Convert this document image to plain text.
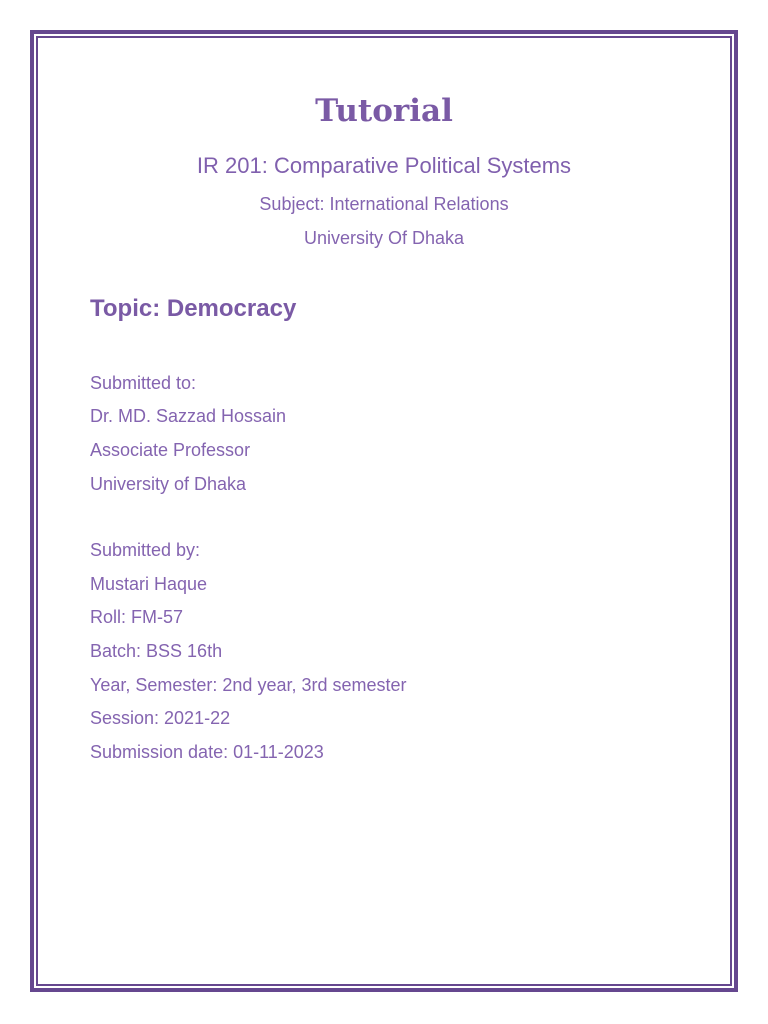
Tutorial
IR 201: Comparative Political Systems
Subject: International Relations
University Of Dhaka
Topic: Democracy
Submitted to:
Dr. MD. Sazzad Hossain
Associate Professor
University of Dhaka
Submitted by:
Mustari Haque
Roll: FM-57
Batch: BSS 16th
Year, Semester: 2nd year, 3rd semester
Session: 2021-22
Submission date: 01-11-2023
